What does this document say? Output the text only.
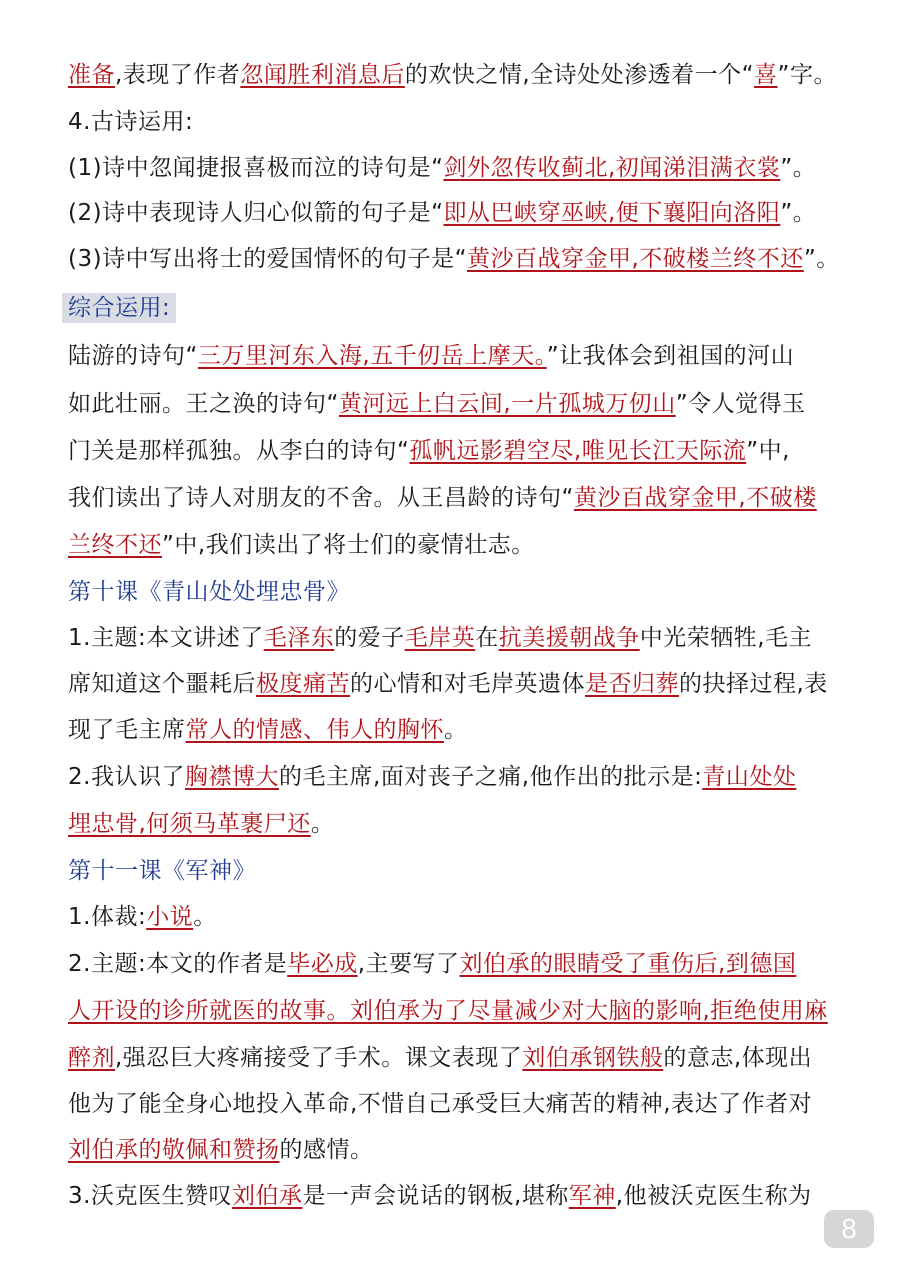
8
准备,表现了作者忽闻胜利消息后的欢快之情,全诗处处渗透着一个“喜”字。
4.古诗运用:
(1)诗中忽闻捷报喜极而泣的诗句是“剑外忽传收蓟北,初闻涕泪满衣裳”。
(2)诗中表现诗人归心似箭的句子是“即从巴峡穿巫峡,便下襄阳向洛阳”。
(3)诗中写出将士的爱国情怀的句子是“黄沙百战穿金甲,不破楼兰终不还”。
综合运用:
陆游的诗句“三万里河东入海,五千仞岳上摩天。”让我体会到祖国的河山
如此壮丽。王之涣的诗句“黄河远上白云间,一片孤城万仞山”令人觉得玉
门关是那样孤独。从李白的诗句“孤帆远影碧空尽,唯见长江天际流”中,
我们读出了诗人对朋友的不舍。从王昌龄的诗句“黄沙百战穿金甲,不破楼
兰终不还”中,我们读出了将士们的豪情壮志。
第十课《青山处处埋忠骨》
1.主题:本文讲述了毛泽东的爱子毛岸英在抗美援朝战争中光荣牺牲,毛主
席知道这个噩耗后极度痛苦的心情和对毛岸英遗体是否归葬的抉择过程,表
现了毛主席常人的情感、伟人的胸怀。
2.我认识了胸襟博大的毛主席,面对丧子之痛,他作出的批示是:青山处处
埋忠骨,何须马革裹尸还。
第十一课《军神》
1.体裁:小说。
2.主题:本文的作者是毕必成,主要写了刘伯承的眼睛受了重伤后,到德国
人开设的诊所就医的故事。刘伯承为了尽量减少对大脑的影响,拒绝使用麻
醉剂,强忍巨大疼痛接受了手术。课文表现了刘伯承钢铁般的意志,体现出
他为了能全身心地投入革命,不惜自己承受巨大痛苦的精神,表达了作者对
刘伯承的敬佩和赞扬的感情。
3.沃克医生赞叹刘伯承是一声会说话的钢板,堪称军神,他被沃克医生称为
